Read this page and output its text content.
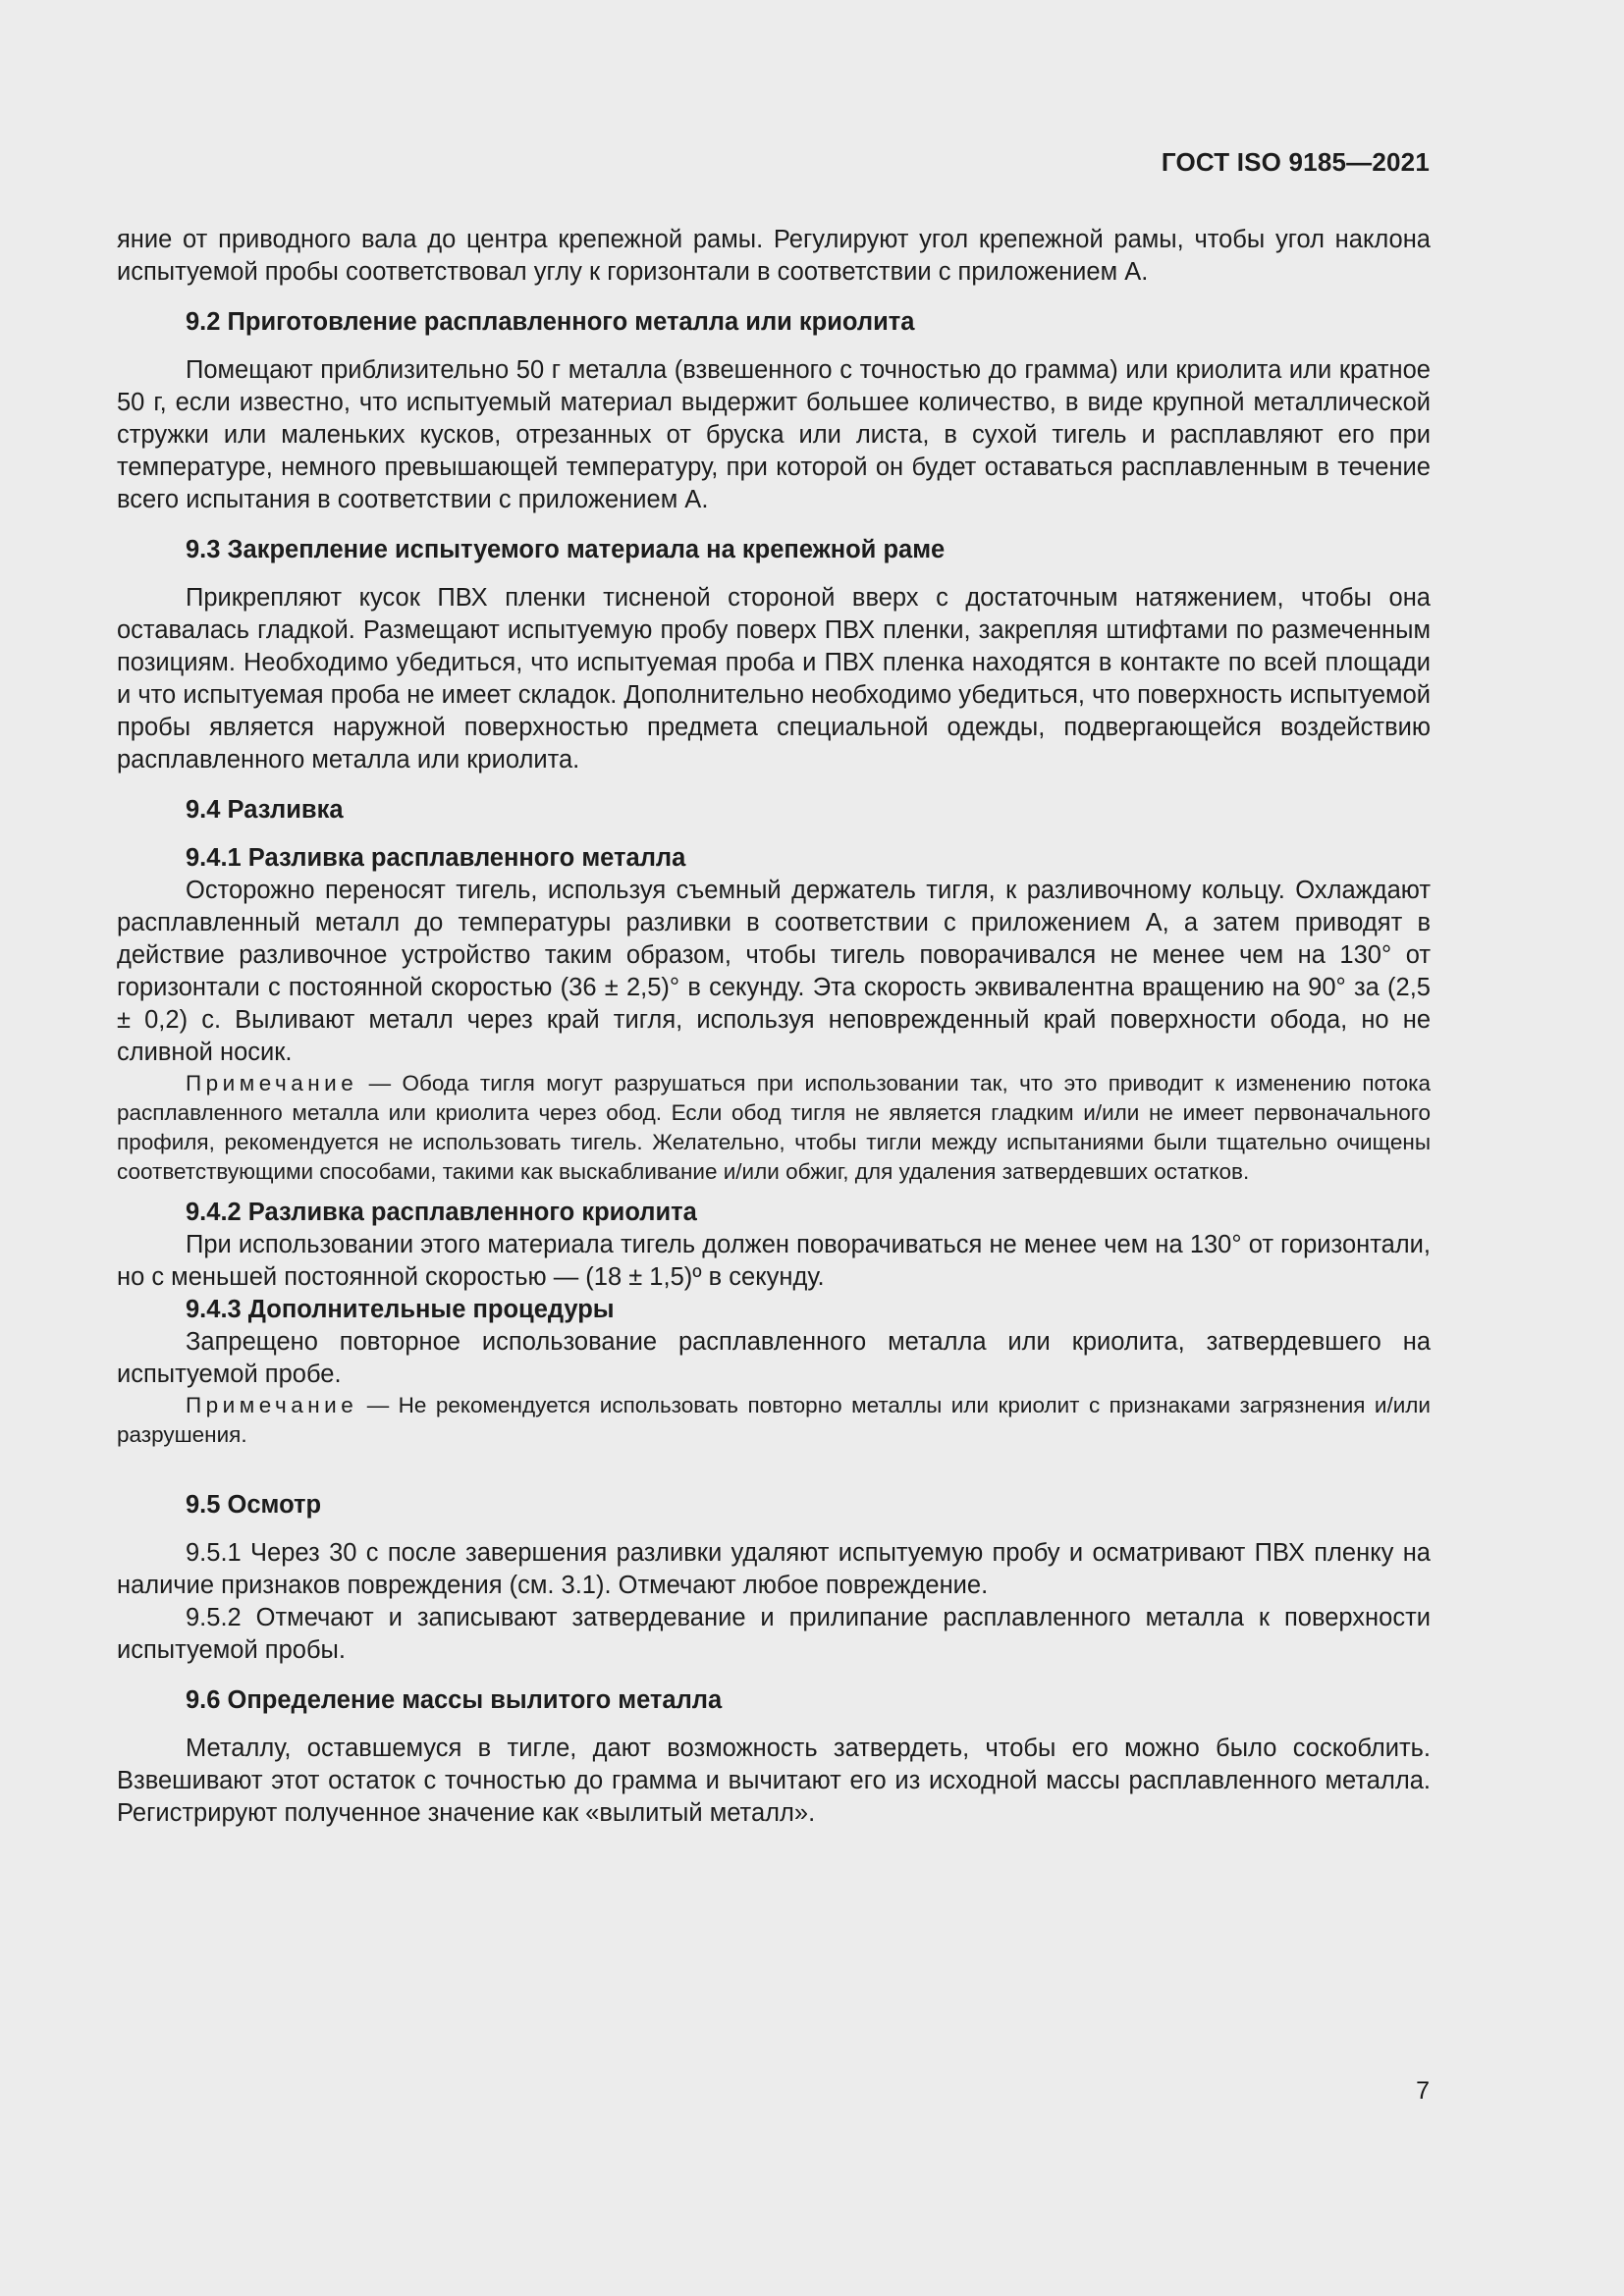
ГОСТ ISO 9185—2021

яние от приводного вала до центра крепежной рамы. Регулируют угол крепежной рамы, чтобы угол наклона испытуемой пробы соответствовал углу к горизонтали в соответствии с приложением А.

9.2 Приготовление расплавленного металла или криолита

Помещают приблизительно 50 г металла (взвешенного с точностью до грамма) или криолита или кратное 50 г, если известно, что испытуемый материал выдержит большее количество, в виде крупной металлической стружки или маленьких кусков, отрезанных от бруска или листа, в сухой тигель и расплавляют его при температуре, немного превышающей температуру, при которой он будет оставаться расплавленным в течение всего испытания в соответствии с приложением А.

9.3 Закрепление испытуемого материала на крепежной раме

Прикрепляют кусок ПВХ пленки тисненой стороной вверх с достаточным натяжением, чтобы она оставалась гладкой. Размещают испытуемую пробу поверх ПВХ пленки, закрепляя штифтами по размеченным позициям. Необходимо убедиться, что испытуемая проба и ПВХ пленка находятся в контакте по всей площади и что испытуемая проба не имеет складок. Дополнительно необходимо убедиться, что поверхность испытуемой пробы является наружной поверхностью предмета специальной одежды, подвергающейся воздействию расплавленного металла или криолита.

9.4 Разливка

9.4.1 Разливка расплавленного металла

Осторожно переносят тигель, используя съемный держатель тигля, к разливочному кольцу. Охлаждают расплавленный металл до температуры разливки в соответствии с приложением А, а затем приводят в действие разливочное устройство таким образом, чтобы тигель поворачивался не менее чем на 130° от горизонтали с постоянной скоростью (36 ± 2,5)° в секунду. Эта скорость эквивалентна вращению на 90° за (2,5 ± 0,2) с. Выливают металл через край тигля, используя неповрежденный край поверхности обода, но не сливной носик.

Примечание — Обода тигля могут разрушаться при использовании так, что это приводит к изменению потока расплавленного металла или криолита через обод. Если обод тигля не является гладким и/или не имеет первоначального профиля, рекомендуется не использовать тигель. Желательно, чтобы тигли между испытаниями были тщательно очищены соответствующими способами, такими как выскабливание и/или обжиг, для удаления затвердевших остатков.

9.4.2 Разливка расплавленного криолита

При использовании этого материала тигель должен поворачиваться не менее чем на 130° от горизонтали, но с меньшей постоянной скоростью — (18 ± 1,5)º в секунду.

9.4.3 Дополнительные процедуры

Запрещено повторное использование расплавленного металла или криолита, затвердевшего на испытуемой пробе.

Примечание — Не рекомендуется использовать повторно металлы или криолит с признаками загрязнения и/или разрушения.

9.5 Осмотр

9.5.1 Через 30 с после завершения разливки удаляют испытуемую пробу и осматривают ПВХ пленку на наличие признаков повреждения (см. 3.1). Отмечают любое повреждение.

9.5.2 Отмечают и записывают затвердевание и прилипание расплавленного металла к поверхности испытуемой пробы.

9.6 Определение массы вылитого металла

Металлу, оставшемуся в тигле, дают возможность затвердеть, чтобы его можно было соскоблить. Взвешивают этот остаток с точностью до грамма и вычитают его из исходной массы расплавленного металла. Регистрируют полученное значение как «вылитый металл».

7
